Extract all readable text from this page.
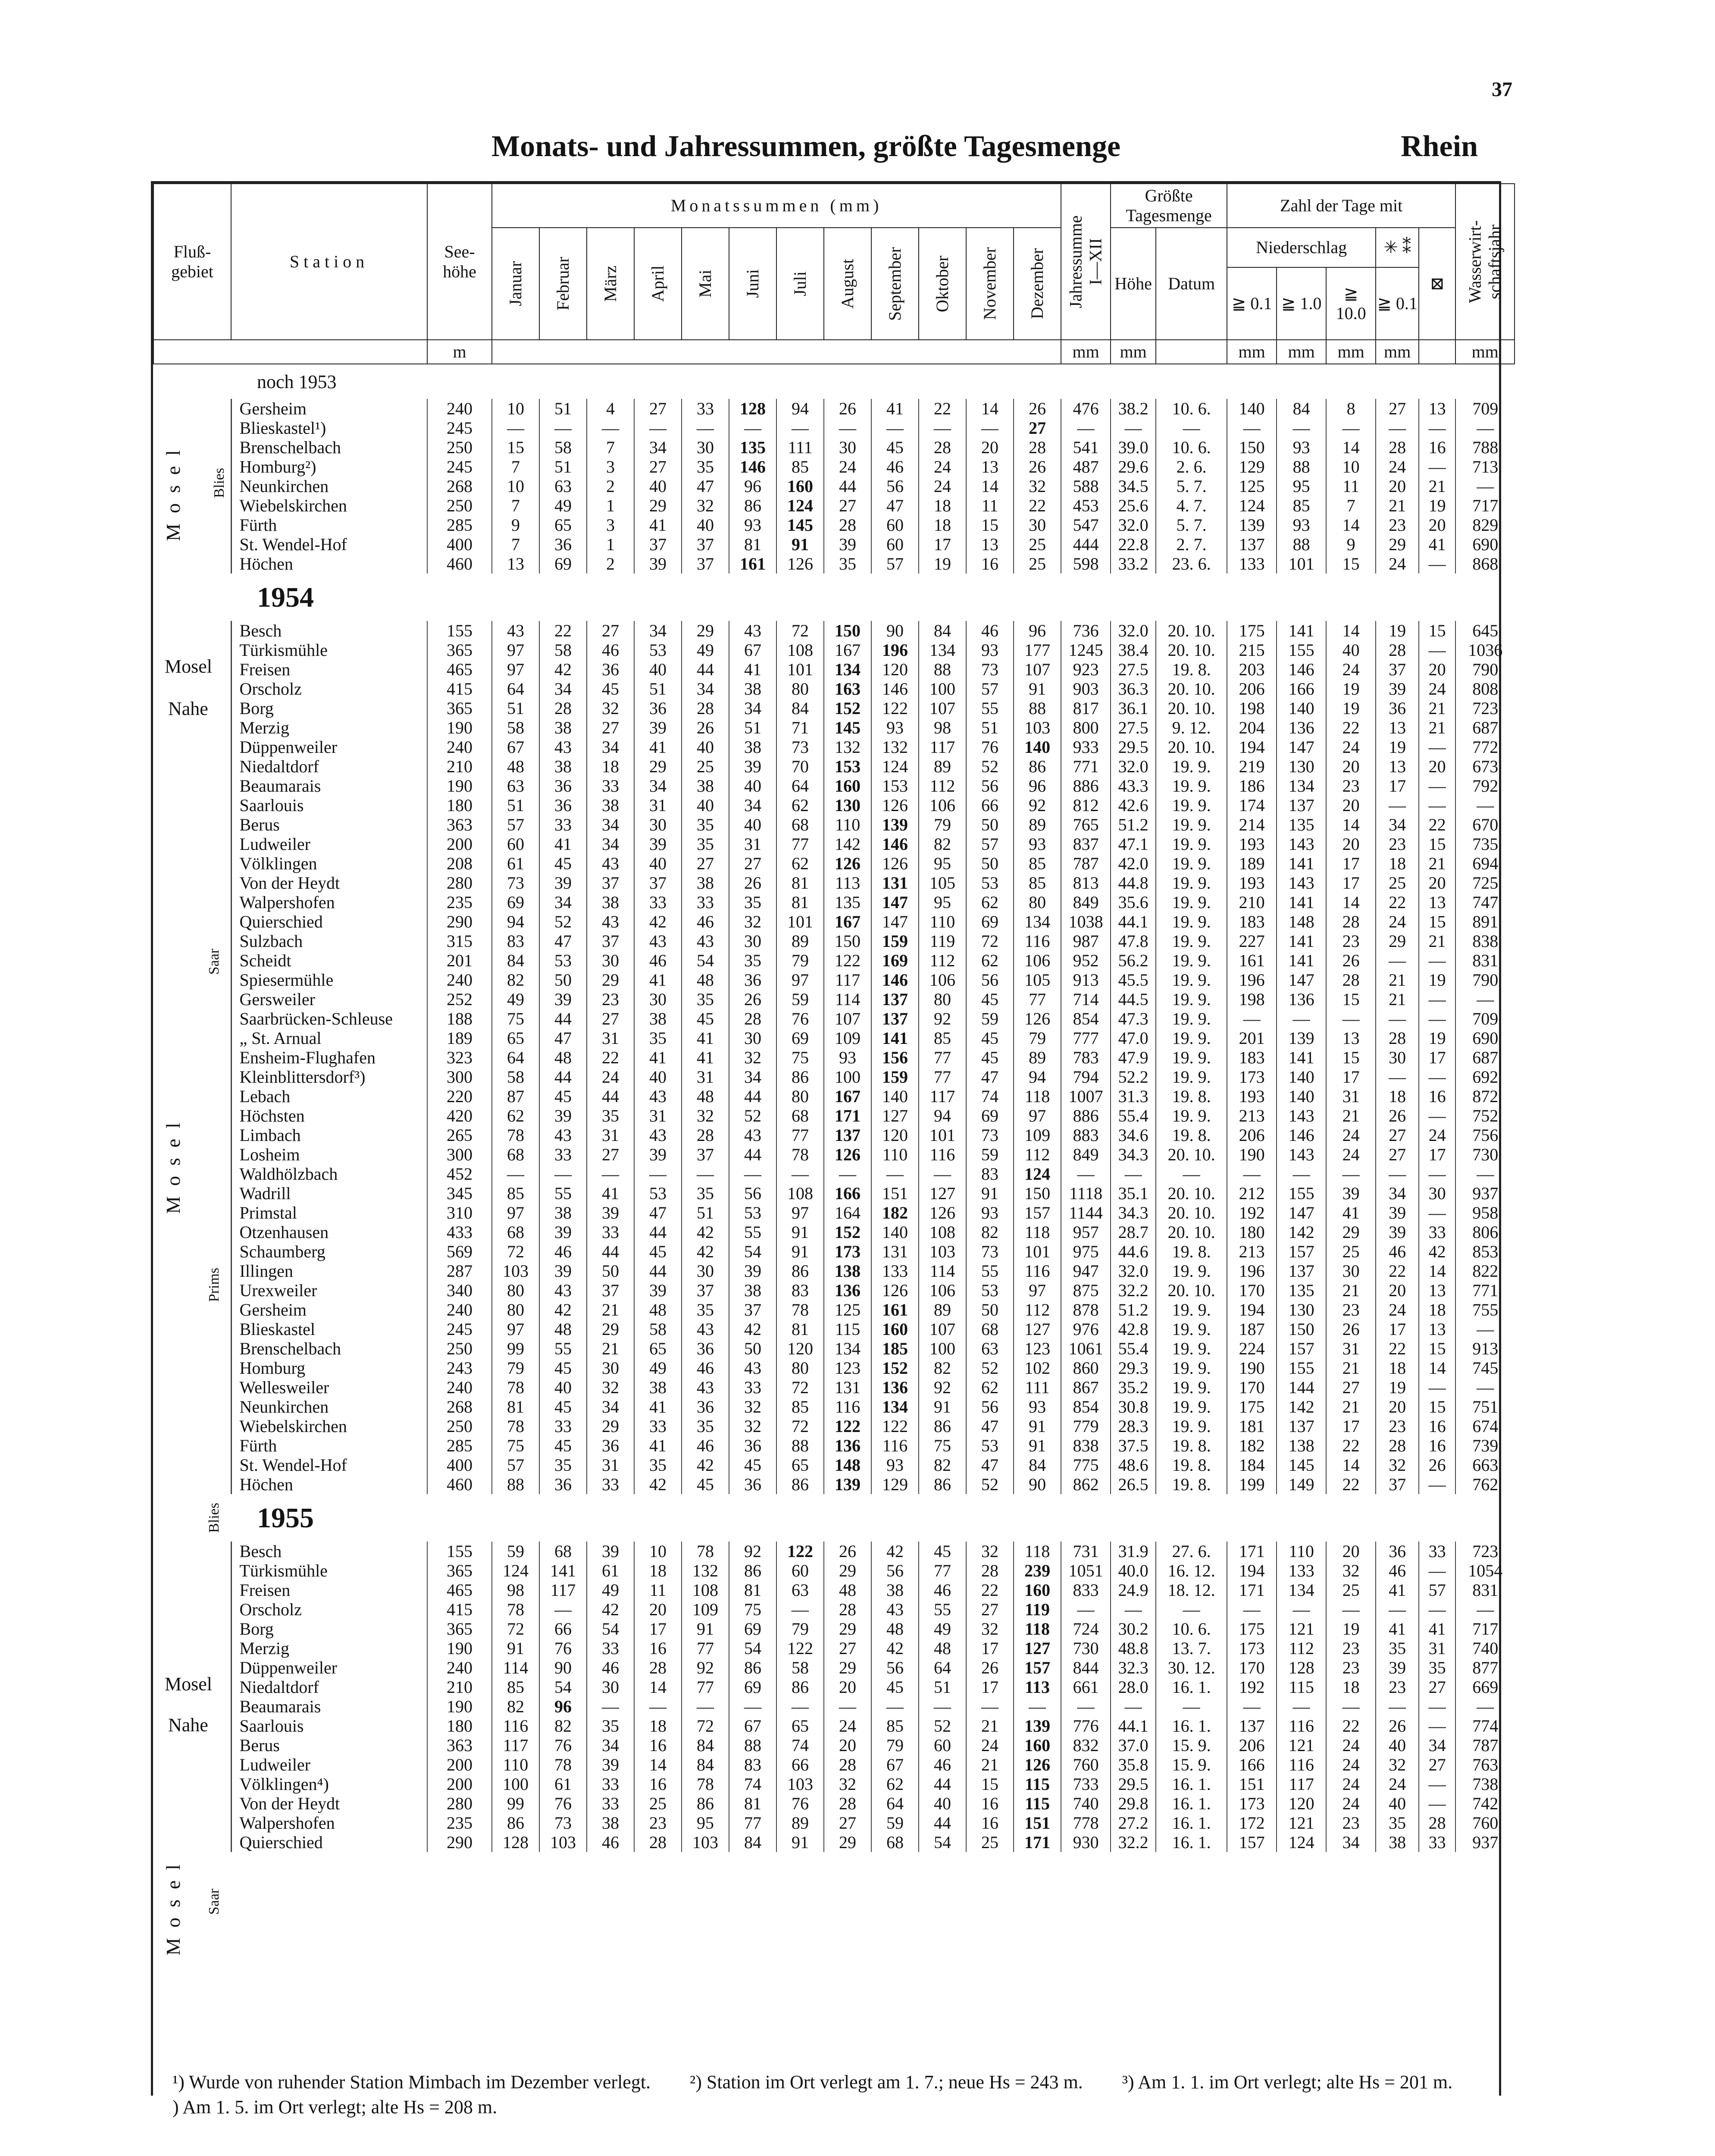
37
Monats- und Jahressummen, größte Tagesmenge	Rhein
Fluß-
gebiet		Station	See-
höhe	Monatssummen (mm)												Jahressumme
I—XII	Größte
Tagesmenge		Zahl der Tage mit					Wasserwirt-
schaftsjahr
				Januar	Februar	März	April	Mai	Juni	Juli	August	September	Oktober	November	Dezember		Höhe	Datum	Niederschlag			✳ ⁑	⊠	
																			≧ 0.1	≧ 1.0	≧ 10.0	≧ 0.1		
			m													mm	mm		mm	mm	mm	mm		mm
noch 1953																								
		Gersheim	240	10	51	4	27	33	128	94	26	41	22	14	26	476	38.2	10. 6.	140	84	8	27	13	709
		Blieskastel¹)	245	—	—	—	—	—	—	—	—	—	—	—	27	—	—	—	—	—	—	—	—	—
		Brenschelbach	250	15	58	7	34	30	135	111	30	45	28	20	28	541	39.0	10. 6.	150	93	14	28	16	788
		Homburg²)	245	7	51	3	27	35	146	85	24	46	24	13	26	487	29.6	2. 6.	129	88	10	24	—	713
		Neunkirchen	268	10	63	2	40	47	96	160	44	56	24	14	32	588	34.5	5. 7.	125	95	11	20	21	—
		Wiebelskirchen	250	7	49	1	29	32	86	124	27	47	18	11	22	453	25.6	4. 7.	124	85	7	21	19	717
		Fürth	285	9	65	3	41	40	93	145	28	60	18	15	30	547	32.0	5. 7.	139	93	14	23	20	829
		St. Wendel-Hof	400	7	36	1	37	37	81	91	39	60	17	13	25	444	22.8	2. 7.	137	88	9	29	41	690
		Höchen	460	13	69	2	39	37	161	126	35	57	19	16	25	598	33.2	23. 6.	133	101	15	24	—	868
1954																								
		Besch	155	43	22	27	34	29	43	72	150	90	84	46	96	736	32.0	20. 10.	175	141	14	19	15	645
		Türkismühle	365	97	58	46	53	49	67	108	167	196	134	93	177	1245	38.4	20. 10.	215	155	40	28	—	1036
		Freisen	465	97	42	36	40	44	41	101	134	120	88	73	107	923	27.5	19. 8.	203	146	24	37	20	790
		Orscholz	415	64	34	45	51	34	38	80	163	146	100	57	91	903	36.3	20. 10.	206	166	19	39	24	808
		Borg	365	51	28	32	36	28	34	84	152	122	107	55	88	817	36.1	20. 10.	198	140	19	36	21	723
		Merzig	190	58	38	27	39	26	51	71	145	93	98	51	103	800	27.5	9. 12.	204	136	22	13	21	687
		Düppenweiler	240	67	43	34	41	40	38	73	132	132	117	76	140	933	29.5	20. 10.	194	147	24	19	—	772
		Niedaltdorf	210	48	38	18	29	25	39	70	153	124	89	52	86	771	32.0	19. 9.	219	130	20	13	20	673
		Beaumarais	190	63	36	33	34	38	40	64	160	153	112	56	96	886	43.3	19. 9.	186	134	23	17	—	792
		Saarlouis	180	51	36	38	31	40	34	62	130	126	106	66	92	812	42.6	19. 9.	174	137	20	—	—	—
		Berus	363	57	33	34	30	35	40	68	110	139	79	50	89	765	51.2	19. 9.	214	135	14	34	22	670
		Ludweiler	200	60	41	34	39	35	31	77	142	146	82	57	93	837	47.1	19. 9.	193	143	20	23	15	735
		Völklingen	208	61	45	43	40	27	27	62	126	126	95	50	85	787	42.0	19. 9.	189	141	17	18	21	694
		Von der Heydt	280	73	39	37	37	38	26	81	113	131	105	53	85	813	44.8	19. 9.	193	143	17	25	20	725
		Walpershofen	235	69	34	38	33	33	35	81	135	147	95	62	80	849	35.6	19. 9.	210	141	14	22	13	747
		Quierschied	290	94	52	43	42	46	32	101	167	147	110	69	134	1038	44.1	19. 9.	183	148	28	24	15	891
		Sulzbach	315	83	47	37	43	43	30	89	150	159	119	72	116	987	47.8	19. 9.	227	141	23	29	21	838
		Scheidt	201	84	53	30	46	54	35	79	122	169	112	62	106	952	56.2	19. 9.	161	141	26	—	—	831
		Spiesermühle	240	82	50	29	41	48	36	97	117	146	106	56	105	913	45.5	19. 9.	196	147	28	21	19	790
		Gersweiler	252	49	39	23	30	35	26	59	114	137	80	45	77	714	44.5	19. 9.	198	136	15	21	—	—
		Saarbrücken-Schleuse	188	75	44	27	38	45	28	76	107	137	92	59	126	854	47.3	19. 9.	—	—	—	—	—	709
		„ St. Arnual	189	65	47	31	35	41	30	69	109	141	85	45	79	777	47.0	19. 9.	201	139	13	28	19	690
		Ensheim-Flughafen	323	64	48	22	41	41	32	75	93	156	77	45	89	783	47.9	19. 9.	183	141	15	30	17	687
		Kleinblittersdorf³)	300	58	44	24	40	31	34	86	100	159	77	47	94	794	52.2	19. 9.	173	140	17	—	—	692
		Lebach	220	87	45	44	43	48	44	80	167	140	117	74	118	1007	31.3	19. 8.	193	140	31	18	16	872
		Höchsten	420	62	39	35	31	32	52	68	171	127	94	69	97	886	55.4	19. 9.	213	143	21	26	—	752
		Limbach	265	78	43	31	43	28	43	77	137	120	101	73	109	883	34.6	19. 8.	206	146	24	27	24	756
		Losheim	300	68	33	27	39	37	44	78	126	110	116	59	112	849	34.3	20. 10.	190	143	24	27	17	730
		Waldhölzbach	452	—	—	—	—	—	—	—	—	—	—	83	124	—	—	—	—	—	—	—	—	—
		Wadrill	345	85	55	41	53	35	56	108	166	151	127	91	150	1118	35.1	20. 10.	212	155	39	34	30	937
		Primstal	310	97	38	39	47	51	53	97	164	182	126	93	157	1144	34.3	20. 10.	192	147	41	39	—	958
		Otzenhausen	433	68	39	33	44	42	55	91	152	140	108	82	118	957	28.7	20. 10.	180	142	29	39	33	806
		Schaumberg	569	72	46	44	45	42	54	91	173	131	103	73	101	975	44.6	19. 8.	213	157	25	46	42	853
		Illingen	287	103	39	50	44	30	39	86	138	133	114	55	116	947	32.0	19. 9.	196	137	30	22	14	822
		Urexweiler	340	80	43	37	39	37	38	83	136	126	106	53	97	875	32.2	20. 10.	170	135	21	20	13	771
		Gersheim	240	80	42	21	48	35	37	78	125	161	89	50	112	878	51.2	19. 9.	194	130	23	24	18	755
		Blieskastel	245	97	48	29	58	43	42	81	115	160	107	68	127	976	42.8	19. 9.	187	150	26	17	13	—
		Brenschelbach	250	99	55	21	65	36	50	120	134	185	100	63	123	1061	55.4	19. 9.	224	157	31	22	15	913
		Homburg	243	79	45	30	49	46	43	80	123	152	82	52	102	860	29.3	19. 9.	190	155	21	18	14	745
		Wellesweiler	240	78	40	32	38	43	33	72	131	136	92	62	111	867	35.2	19. 9.	170	144	27	19	—	—
		Neunkirchen	268	81	45	34	41	36	32	85	116	134	91	56	93	854	30.8	19. 9.	175	142	21	20	15	751
		Wiebelskirchen	250	78	33	29	33	35	32	72	122	122	86	47	91	779	28.3	19. 9.	181	137	17	23	16	674
		Fürth	285	75	45	36	41	46	36	88	136	116	75	53	91	838	37.5	19. 8.	182	138	22	28	16	739
		St. Wendel-Hof	400	57	35	31	35	42	45	65	148	93	82	47	84	775	48.6	19. 8.	184	145	14	32	26	663
		Höchen	460	88	36	33	42	45	36	86	139	129	86	52	90	862	26.5	19. 8.	199	149	22	37	—	762
1955																								
		Besch	155	59	68	39	10	78	92	122	26	42	45	32	118	731	31.9	27. 6.	171	110	20	36	33	723
		Türkismühle	365	124	141	61	18	132	86	60	29	56	77	28	239	1051	40.0	16. 12.	194	133	32	46	—	1054
		Freisen	465	98	117	49	11	108	81	63	48	38	46	22	160	833	24.9	18. 12.	171	134	25	41	57	831
		Orscholz	415	78	—	42	20	109	75	—	28	43	55	27	119	—	—	—	—	—	—	—	—	—
		Borg	365	72	66	54	17	91	69	79	29	48	49	32	118	724	30.2	10. 6.	175	121	19	41	41	717
		Merzig	190	91	76	33	16	77	54	122	27	42	48	17	127	730	48.8	13. 7.	173	112	23	35	31	740
		Düppenweiler	240	114	90	46	28	92	86	58	29	56	64	26	157	844	32.3	30. 12.	170	128	23	39	35	877
		Niedaltdorf	210	85	54	30	14	77	69	86	20	45	51	17	113	661	28.0	16. 1.	192	115	18	23	27	669
		Beaumarais	190	82	96	—	—	—	—	—	—	—	—	—	—	—	—	—	—	—	—	—	—	—
		Saarlouis	180	116	82	35	18	72	67	65	24	85	52	21	139	776	44.1	16. 1.	137	116	22	26	—	774
		Berus	363	117	76	34	16	84	88	74	20	79	60	24	160	832	37.0	15. 9.	206	121	24	40	34	787
		Ludweiler	200	110	78	39	14	84	83	66	28	67	46	21	126	760	35.8	15. 9.	166	116	24	32	27	763
		Völklingen⁴)	200	100	61	33	16	78	74	103	32	62	44	15	115	733	29.5	16. 1.	151	117	24	24	—	738
		Von der Heydt	280	99	76	33	25	86	81	76	28	64	40	16	115	740	29.8	16. 1.	173	120	24	40	—	742
		Walpershofen	235	86	73	38	23	95	77	89	27	59	44	16	151	778	27.2	16. 1.	172	121	23	35	28	760
		Quierschied	290	128	103	46	28	103	84	91	29	68	54	25	171	930	32.2	16. 1.	157	124	34	38	33	937
Mosel Blies
Mosel
Nahe
Mosel
Saar
Prims
Blies
Mosel
Nahe
Mosel Saar
¹) Wurde von ruhender Station Mimbach im Dezember verlegt. ²) Station im Ort verlegt am 1. 7.; neue Hs = 243 m. ³) Am 1. 1. im Ort verlegt; alte Hs = 201 m. ) Am 1. 5. im Ort verlegt; alte Hs = 208 m.
